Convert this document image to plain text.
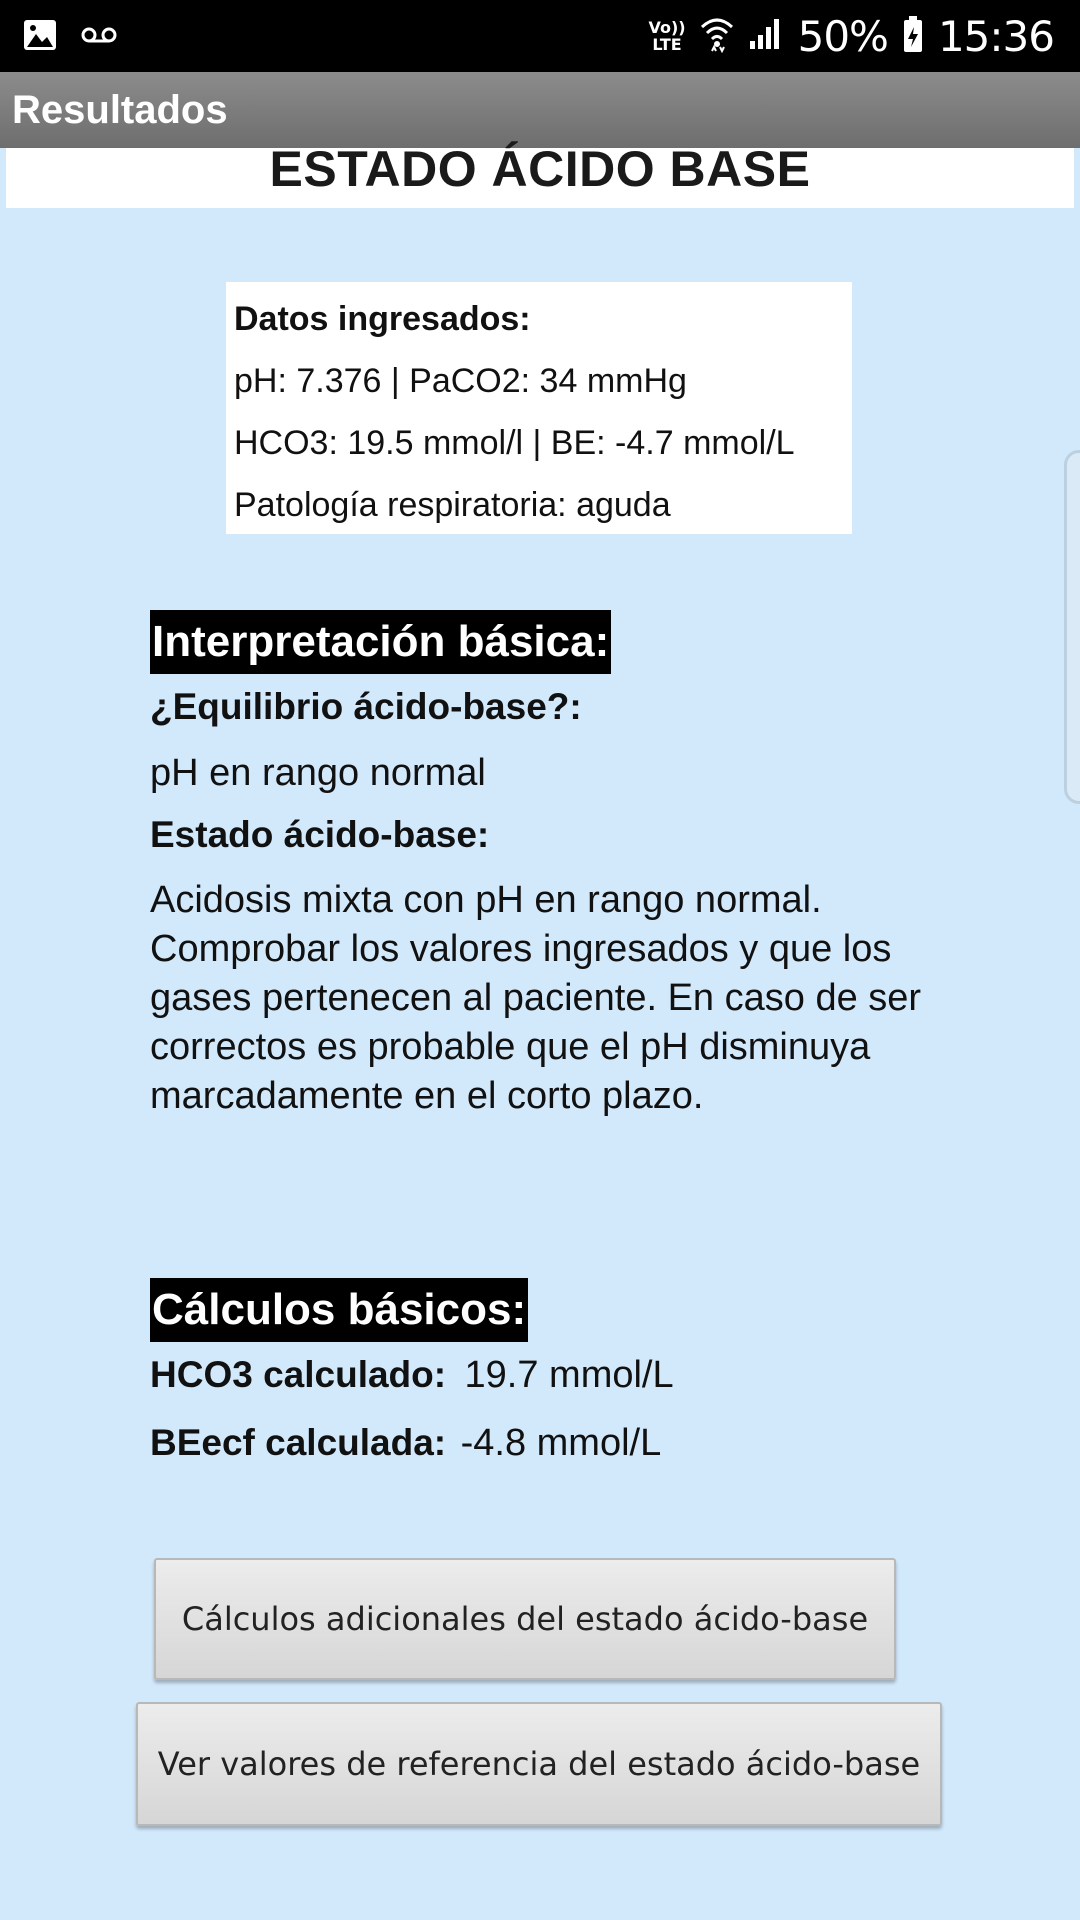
Vo))
LTE	50% 15:36
Resultados
ESTADO ÁCIDO BASE
Datos ingresados:
pH: 7.376 | PaCO2: 34 mmHg
HCO3: 19.5 mmol/l | BE: -4.7 mmol/L
Patología respiratoria: aguda
Interpretación básica:
¿Equilibrio ácido-base?:
pH en rango normal
Estado ácido-base:
Acidosis mixta con pH en rango normal. Comprobar los valores ingresados y que los gases pertenecen al paciente. En caso de ser correctos es probable que el pH disminuya marcadamente en el corto plazo.
Cálculos básicos:
HCO3 calculado: 19.7 mmol/L
BEecf calculada: -4.8 mmol/L
Cálculos adicionales del estado ácido-base
Ver valores de referencia del estado ácido-base
